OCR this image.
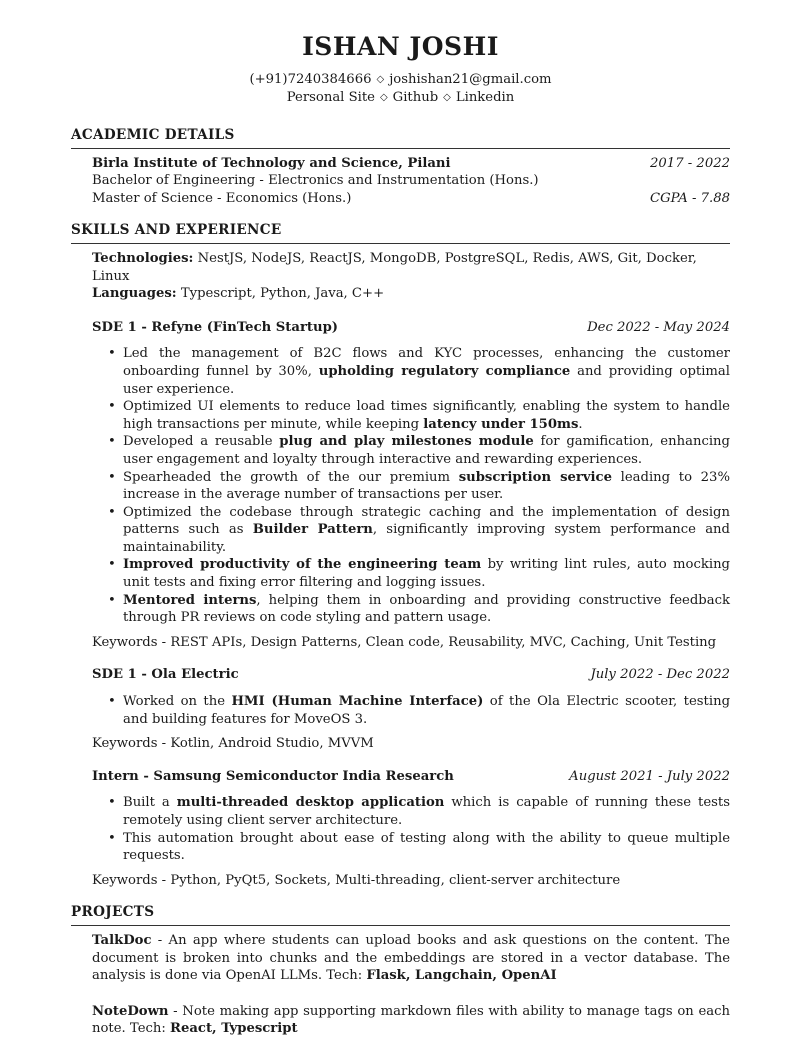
ISHAN JOSHI
(+91)7240384666 ◇ joshishan21@gmail.com
Personal Site ◇ Github ◇ Linkedin
ACADEMIC DETAILS
Birla Institute of Technology and Science, Pilani	2017 - 2022
Bachelor of Engineering - Electronics and Instrumentation (Hons.)
Master of Science - Economics (Hons.)	CGPA - 7.88
SKILLS AND EXPERIENCE
Technologies: NestJS, NodeJS, ReactJS, MongoDB, PostgreSQL, Redis, AWS, Git, Docker, Linux
Languages: Typescript, Python, Java, C++
SDE 1 - Refyne (FinTech Startup)	Dec 2022 - May 2024
• Led the management of B2C flows and KYC processes, enhancing the customer onboarding funnel by 30%, upholding regulatory compliance and providing optimal user experience.
• Optimized UI elements to reduce load times significantly, enabling the system to handle high transactions per minute, while keeping latency under 150ms.
• Developed a reusable plug and play milestones module for gamification, enhancing user engagement and loyalty through interactive and rewarding experiences.
• Spearheaded the growth of the our premium subscription service leading to 23% increase in the average number of transactions per user.
• Optimized the codebase through strategic caching and the implementation of design patterns such as Builder Pattern, significantly improving system performance and maintainability.
• Improved productivity of the engineering team by writing lint rules, auto mocking unit tests and fixing error filtering and logging issues.
• Mentored interns, helping them in onboarding and providing constructive feedback through PR reviews on code styling and pattern usage.
Keywords - REST APIs, Design Patterns, Clean code, Reusability, MVC, Caching, Unit Testing
SDE 1 - Ola Electric	July 2022 - Dec 2022
• Worked on the HMI (Human Machine Interface) of the Ola Electric scooter, testing and building features for MoveOS 3.
Keywords - Kotlin, Android Studio, MVVM
Intern - Samsung Semiconductor India Research	August 2021 - July 2022
• Built a multi-threaded desktop application which is capable of running these tests remotely using client server architecture.
• This automation brought about ease of testing along with the ability to queue multiple requests.
Keywords - Python, PyQt5, Sockets, Multi-threading, client-server architecture
PROJECTS
TalkDoc - An app where students can upload books and ask questions on the content. The document is broken into chunks and the embeddings are stored in a vector database. The analysis is done via OpenAI LLMs. Tech: Flask, Langchain, OpenAI
NoteDown - Note making app supporting markdown files with ability to manage tags on each note. Tech: React, Typescript
